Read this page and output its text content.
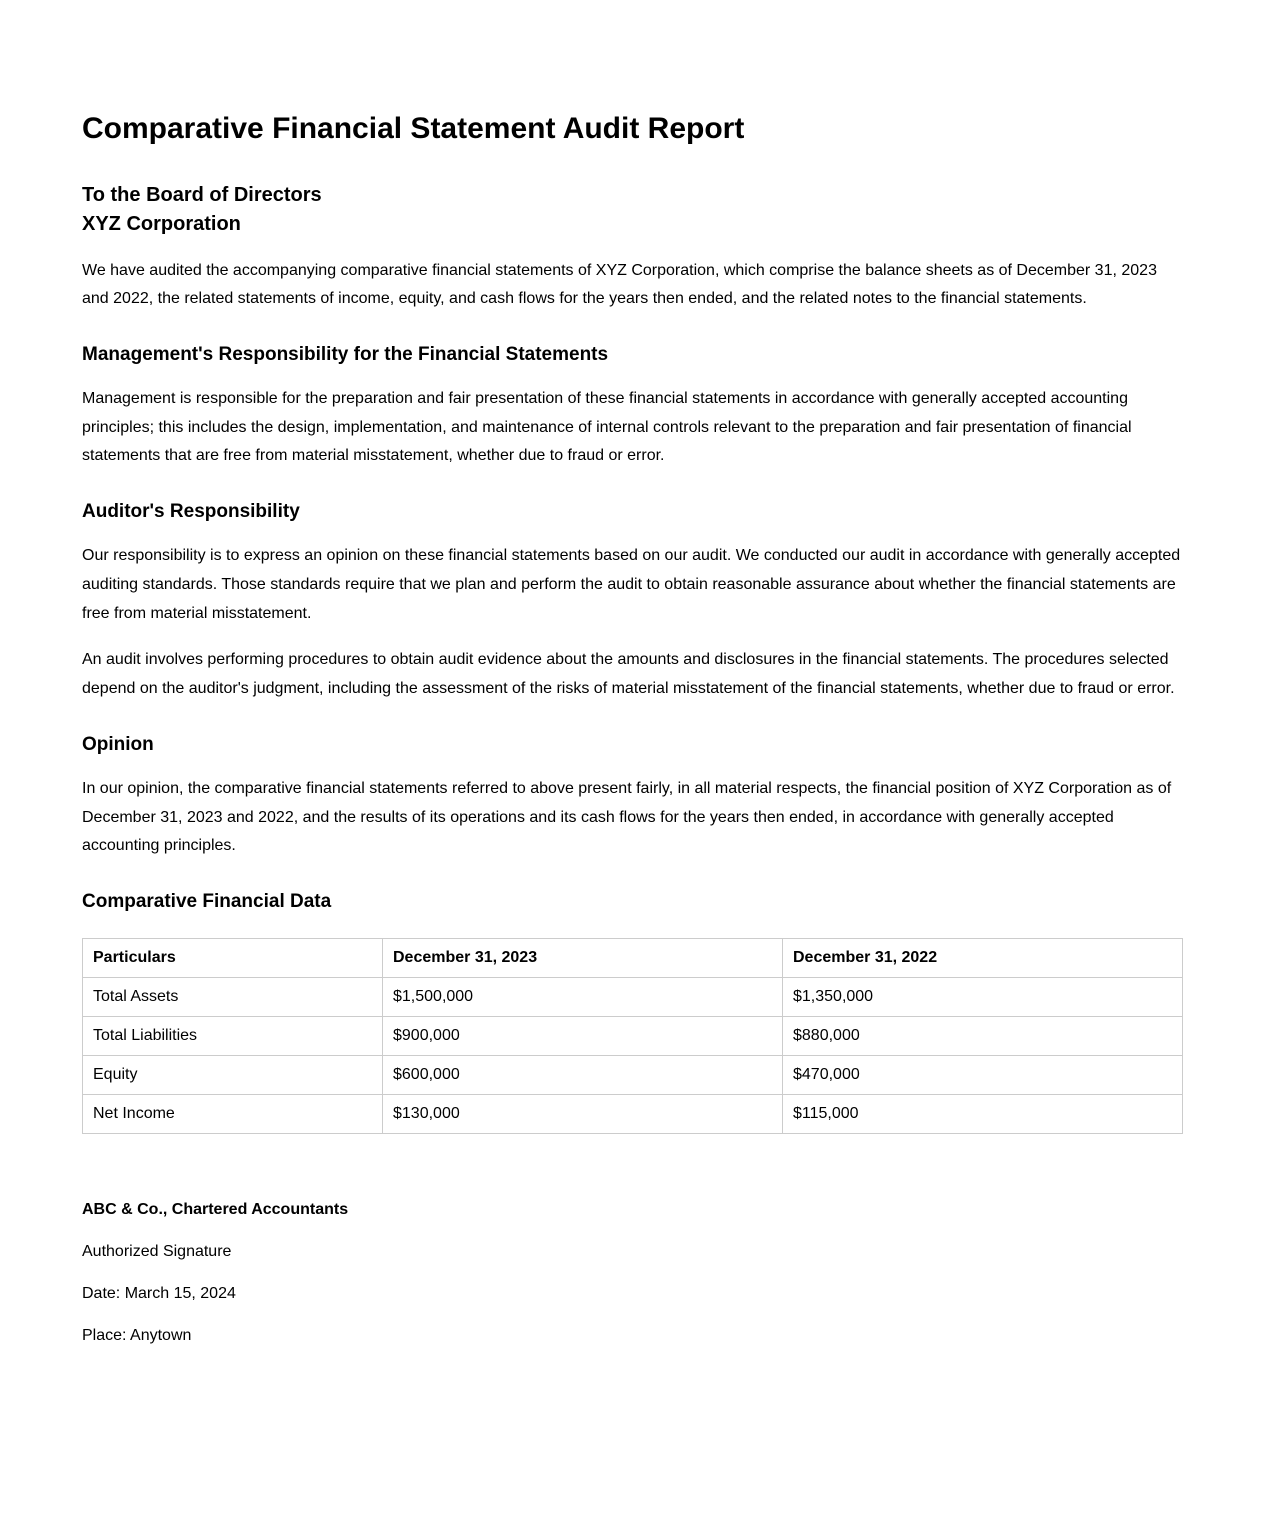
Comparative Financial Statement Audit Report
To the Board of Directors
XYZ Corporation

We have audited the accompanying comparative financial statements of XYZ Corporation, which comprise the balance sheets as of December 31, 2023 and 2022, the related statements of income, equity, and cash flows for the years then ended, and the related notes to the financial statements.

Management's Responsibility for the Financial Statements

Management is responsible for the preparation and fair presentation of these financial statements in accordance with generally accepted accounting principles; this includes the design, implementation, and maintenance of internal controls relevant to the preparation and fair presentation of financial statements that are free from material misstatement, whether due to fraud or error.

Auditor's Responsibility

Our responsibility is to express an opinion on these financial statements based on our audit. We conducted our audit in accordance with generally accepted auditing standards. Those standards require that we plan and perform the audit to obtain reasonable assurance about whether the financial statements are free from material misstatement.

An audit involves performing procedures to obtain audit evidence about the amounts and disclosures in the financial statements. The procedures selected depend on the auditor's judgment, including the assessment of the risks of material misstatement of the financial statements, whether due to fraud or error.

Opinion

In our opinion, the comparative financial statements referred to above present fairly, in all material respects, the financial position of XYZ Corporation as of December 31, 2023 and 2022, and the results of its operations and its cash flows for the years then ended, in accordance with generally accepted accounting principles.

Comparative Financial Data
Particulars	December 31, 2023	December 31, 2022
Total Assets	$1,500,000	$1,350,000
Total Liabilities	$900,000	$880,000
Equity	$600,000	$470,000
Net Income	$130,000	$115,000

ABC & Co., Chartered Accountants

Authorized Signature

Date: March 15, 2024

Place: Anytown
